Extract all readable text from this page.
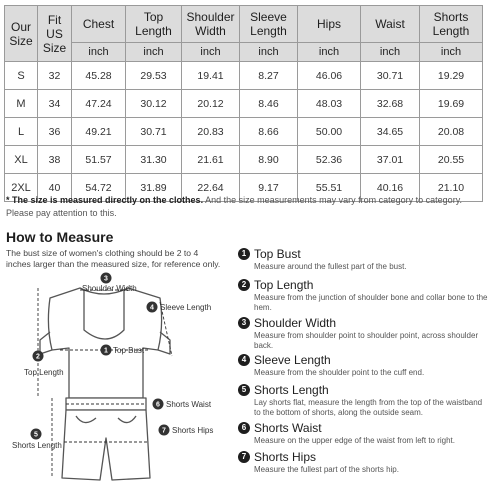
Our Size	Fit US Size	Chest	Top Length	Shoulder Width	Sleeve Length	Hips	Waist	Shorts Length
		inch	inch	inch	inch	inch	inch	inch
S	32	45.28	29.53	19.41	8.27	46.06	30.71	19.29
M	34	47.24	30.12	20.12	8.46	48.03	32.68	19.69
L	36	49.21	30.71	20.83	8.66	50.00	34.65	20.08
XL	38	51.57	31.30	21.61	8.90	52.36	37.01	20.55
2XL	40	54.72	31.89	22.64	9.17	55.51	40.16	21.10
* The size is measured directly on the clothes. And the size measurements may vary from category to category. Please pay attention to this.
How to Measure
The bust size of women's clothing should be 2 to 4 inches larger than the measured size, for reference only.
1
2
3
4
5
6
7
Shoulder Width
Sleeve Length
Top Bust
Top Length
Shorts Waist
Shorts Hips
Shorts Length
1 Top Bust
Measure around the fullest part of the bust.
2 Top Length
Measure from the junction of shoulder bone and collar bone to the hem.
3 Shoulder Width
Measure from shoulder point to shoulder point, across shoulder back.
4 Sleeve Length
Measure from the shoulder point to the cuff end.
5 Shorts Length
Lay shorts flat, measure the length from the top of the waistband to the bottom of shorts, along the outside seam.
6 Shorts Waist
Measure on the upper edge of the waist from left to right.
7 Shorts Hips
Measure the fullest part of the shorts hip.
